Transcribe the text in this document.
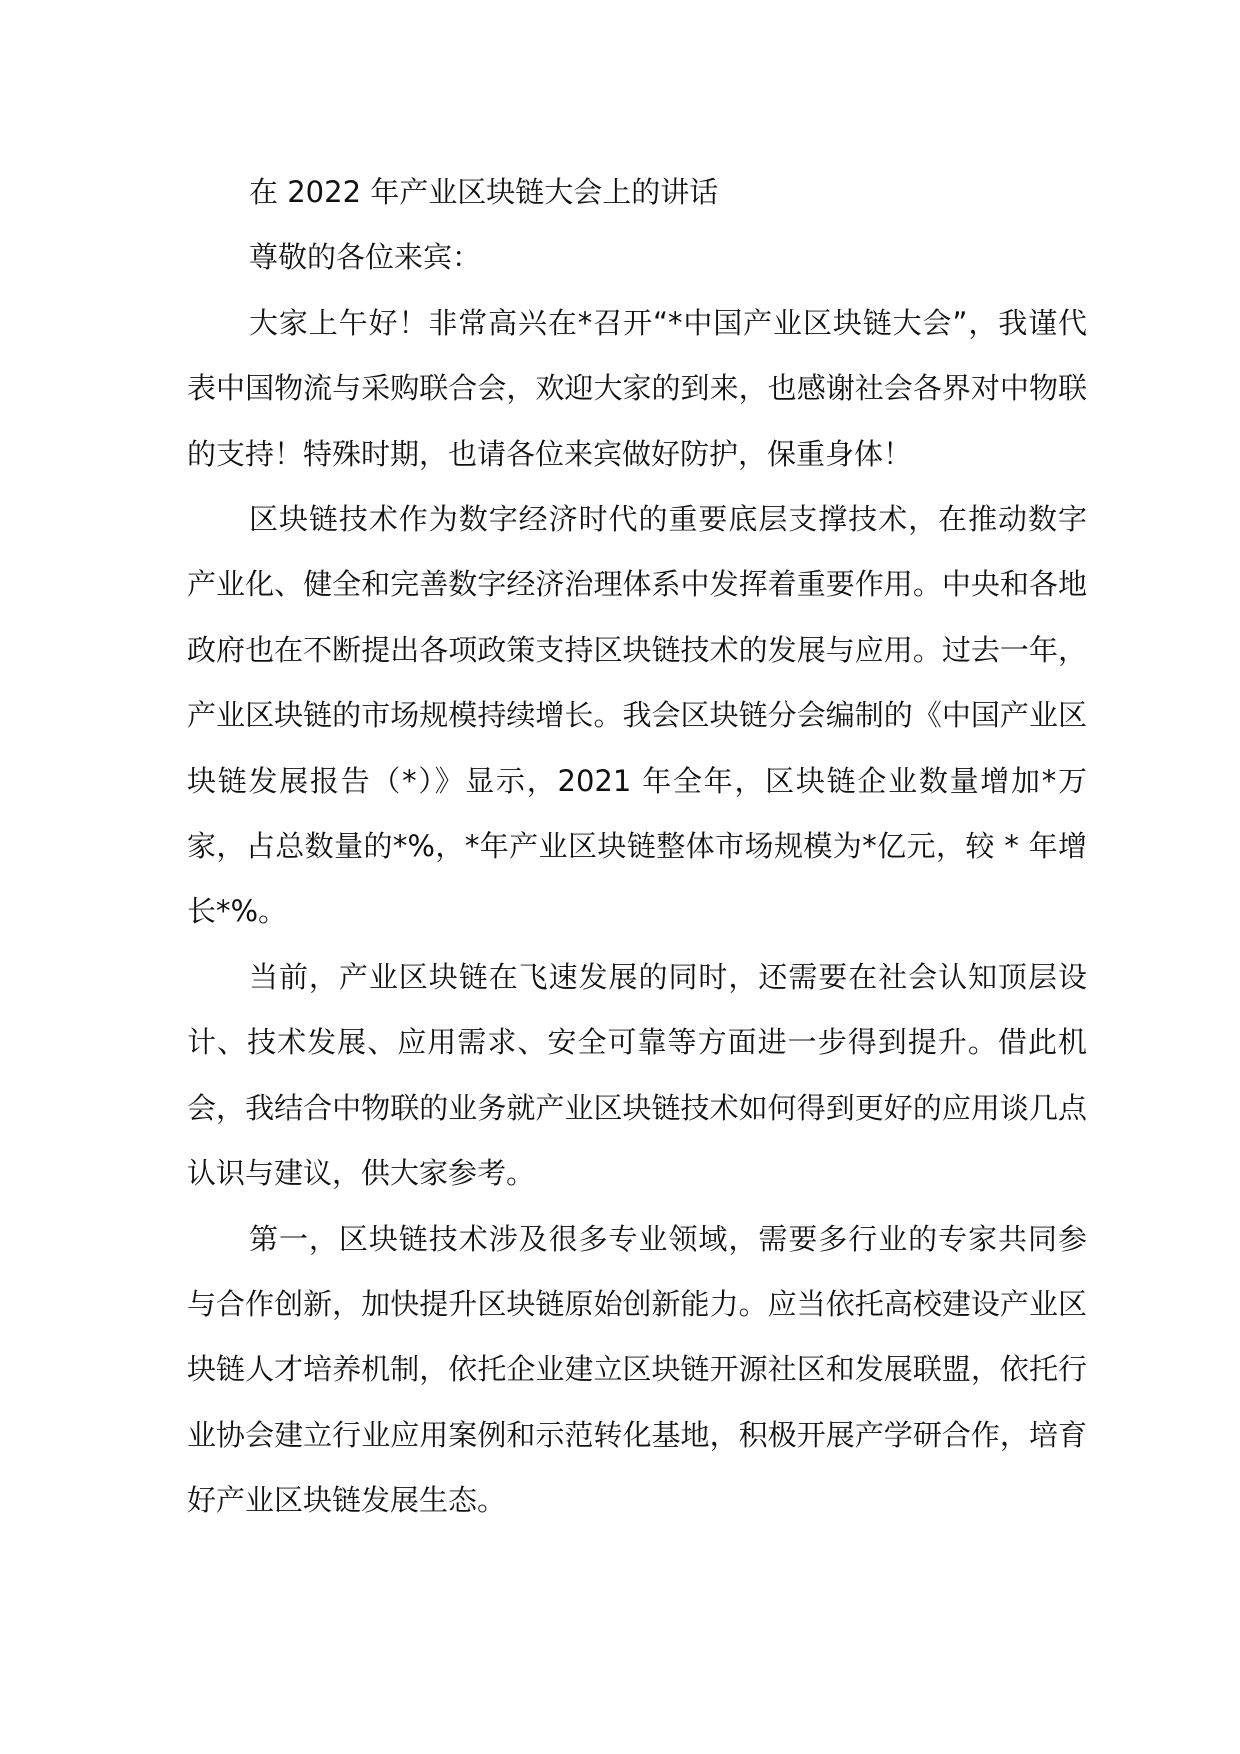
在 2022 年产业区块链大会上的讲话

尊敬的各位来宾：

大家上午好！非常高兴在*召开“*中国产业区块链大会”，我谨代表中国物流与采购联合会，欢迎大家的到来，也感谢社会各界对中物联的支持！特殊时期，也请各位来宾做好防护，保重身体！

区块链技术作为数字经济时代的重要底层支撑技术，在推动数字产业化、健全和完善数字经济治理体系中发挥着重要作用。中央和各地政府也在不断提出各项政策支持区块链技术的发展与应用。过去一年，产业区块链的市场规模持续增长。我会区块链分会编制的《中国产业区块链发展报告（*）》显示，2021 年全年，区块链企业数量增加*万家，占总数量的*%，*年产业区块链整体市场规模为*亿元，较 * 年增长*%。

当前，产业区块链在飞速发展的同时，还需要在社会认知顶层设计、技术发展、应用需求、安全可靠等方面进一步得到提升。借此机会，我结合中物联的业务就产业区块链技术如何得到更好的应用谈几点认识与建议，供大家参考。

第一，区块链技术涉及很多专业领域，需要多行业的专家共同参与合作创新，加快提升区块链原始创新能力。应当依托高校建设产业区块链人才培养机制，依托企业建立区块链开源社区和发展联盟，依托行业协会建立行业应用案例和示范转化基地，积极开展产学研合作，培育好产业区块链发展生态。
